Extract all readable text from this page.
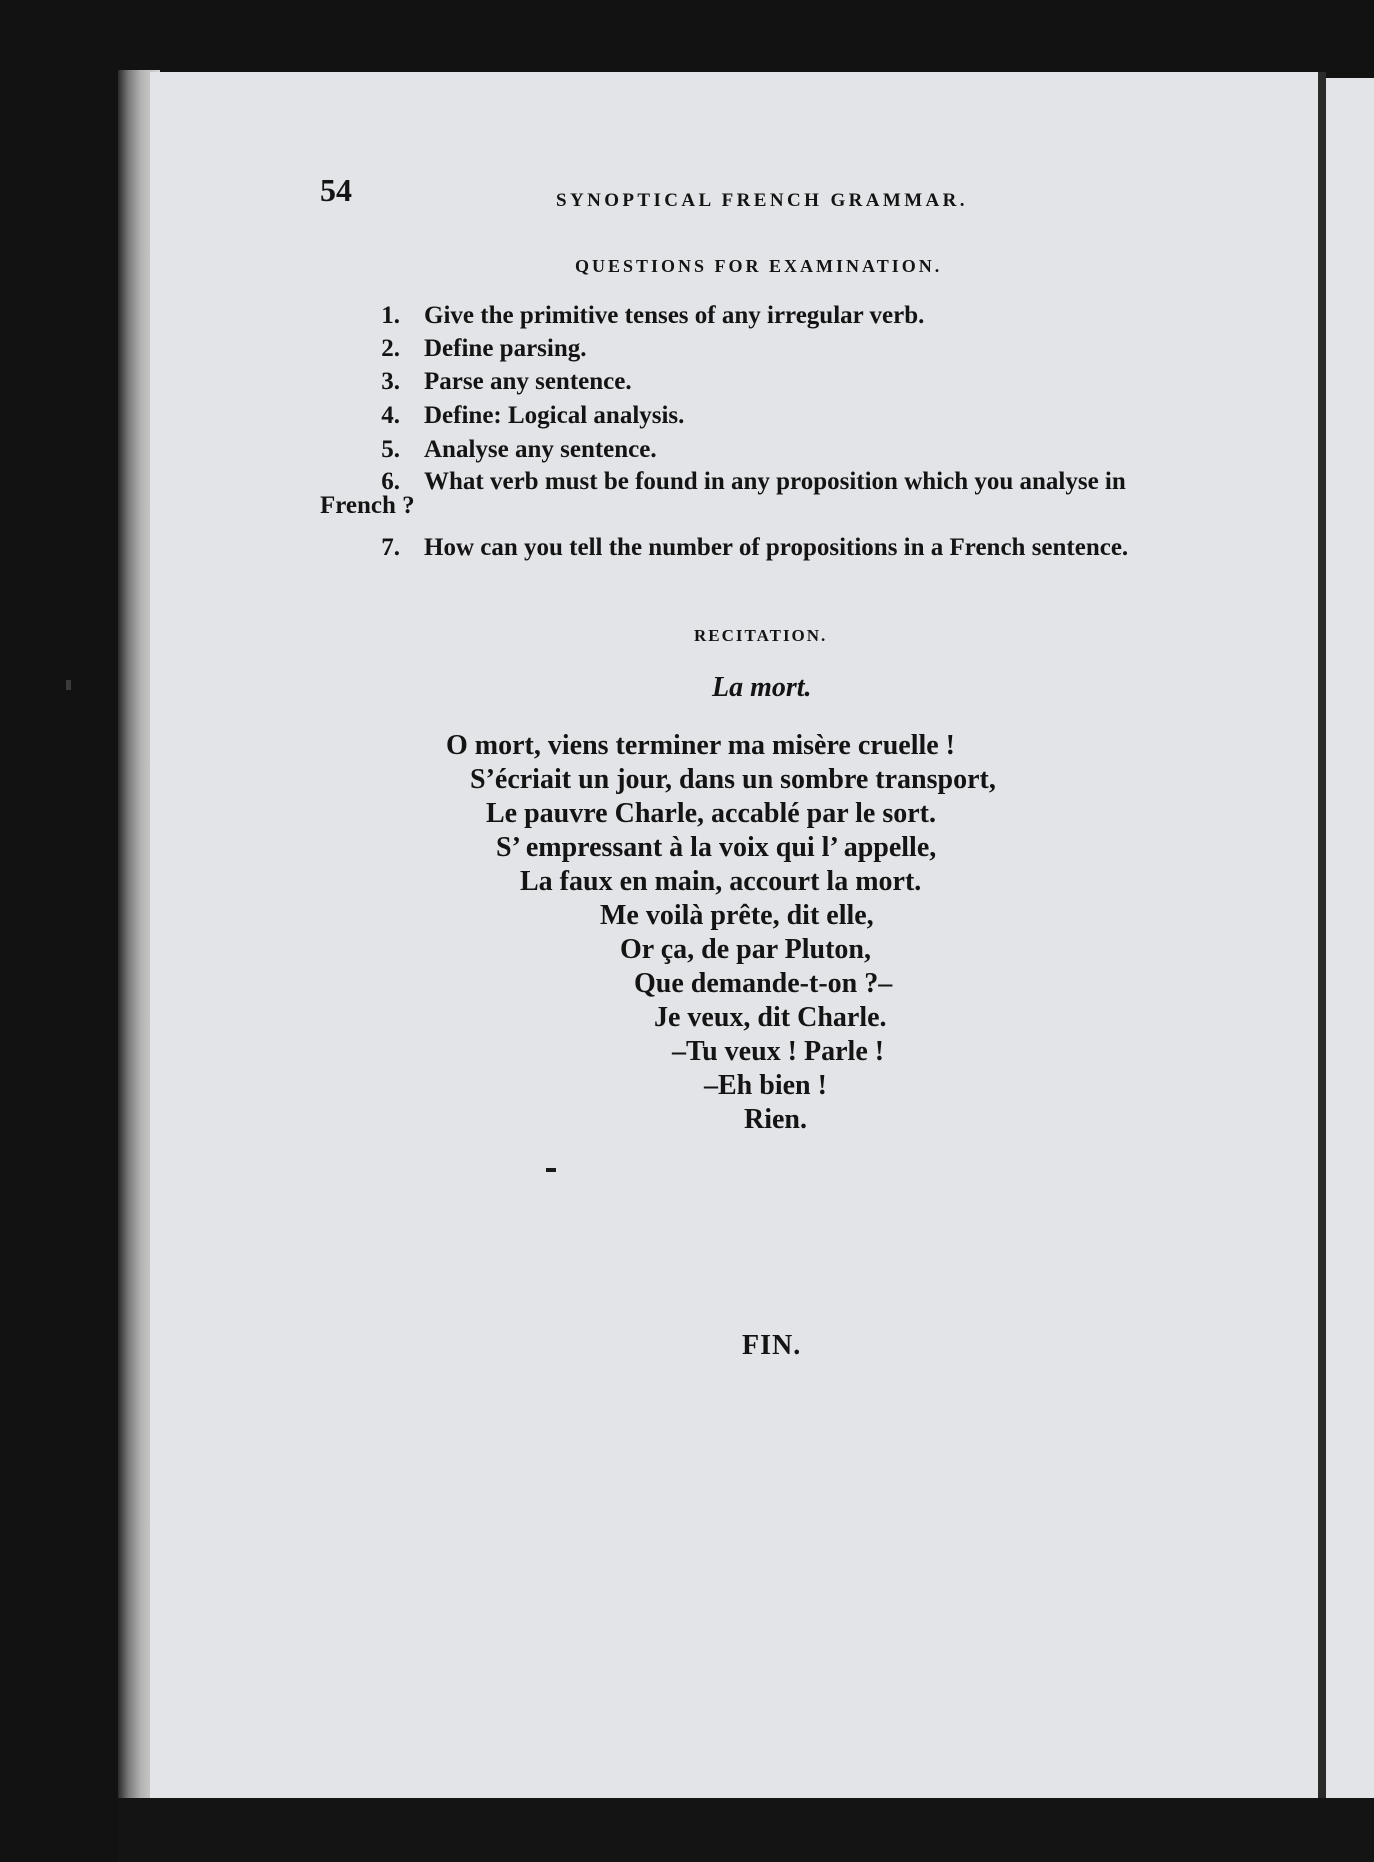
54	SYNOPTICAL FRENCH GRAMMAR.
QUESTIONS FOR EXAMINATION.
1. Give the primitive tenses of any irregular verb.
2. Define parsing.
3. Parse any sentence.
4. Define: Logical analysis.
5. Analyse any sentence.
6. What verb must be found in any proposition which you analyse in
French ?
7. How can you tell the number of propositions in a French sentence.
RECITATION.
La mort.
O mort, viens terminer ma misère cruelle !
S’écriait un jour, dans un sombre transport,
Le pauvre Charle, accablé par le sort.
S’ empressant à la voix qui l’ appelle,
La faux en main, accourt la mort.
Me voilà prête, dit elle,
Or ça, de par Pluton,
Que demande-t-on ?–
Je veux, dit Charle.
–Tu veux ! Parle !
–Eh bien !
Rien.
FIN.
